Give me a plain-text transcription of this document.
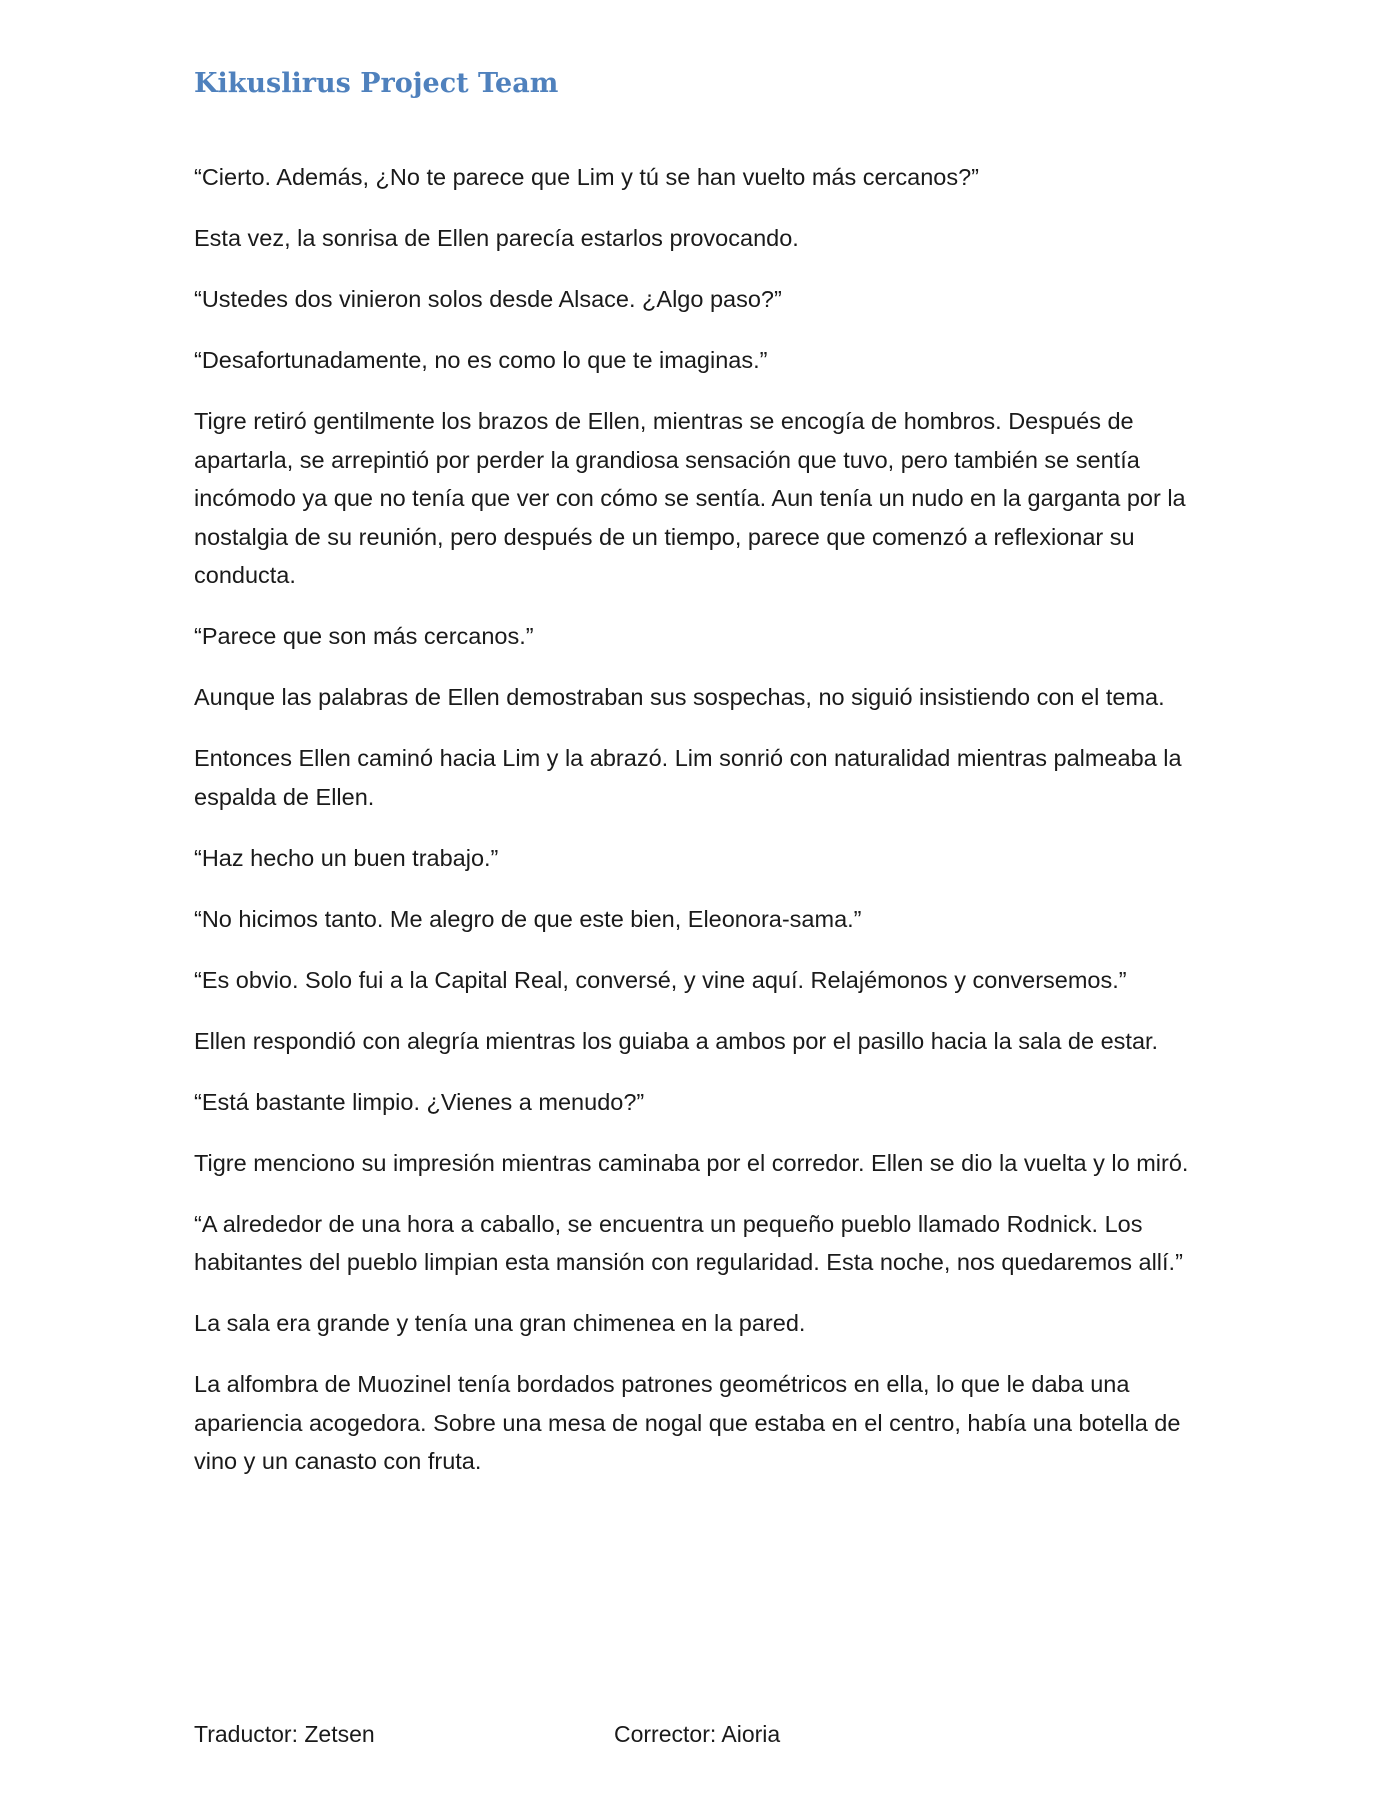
Kikuslirus Project Team

“Cierto. Además, ¿No te parece que Lim y tú se han vuelto más cercanos?”

Esta vez, la sonrisa de Ellen parecía estarlos provocando.

“Ustedes dos vinieron solos desde Alsace. ¿Algo paso?”

“Desafortunadamente, no es como lo que te imaginas.”

Tigre retiró gentilmente los brazos de Ellen, mientras se encogía de hombros. Después de apartarla, se arrepintió por perder la grandiosa sensación que tuvo, pero también se sentía incómodo ya que no tenía que ver con cómo se sentía. Aun tenía un nudo en la garganta por la nostalgia de su reunión, pero después de un tiempo, parece que comenzó a reflexionar su conducta.

“Parece que son más cercanos.”

Aunque las palabras de Ellen demostraban sus sospechas, no siguió insistiendo con el tema.

Entonces Ellen caminó hacia Lim y la abrazó. Lim sonrió con naturalidad mientras palmeaba la espalda de Ellen.

“Haz hecho un buen trabajo.”

“No hicimos tanto. Me alegro de que este bien, Eleonora-sama.”

“Es obvio. Solo fui a la Capital Real, conversé, y vine aquí. Relajémonos y conversemos.”

Ellen respondió con alegría mientras los guiaba a ambos por el pasillo hacia la sala de estar.

“Está bastante limpio. ¿Vienes a menudo?”

Tigre menciono su impresión mientras caminaba por el corredor. Ellen se dio la vuelta y lo miró.

“A alrededor de una hora a caballo, se encuentra un pequeño pueblo llamado Rodnick. Los habitantes del pueblo limpian esta mansión con regularidad. Esta noche, nos quedaremos allí.”

La sala era grande y tenía una gran chimenea en la pared.

La alfombra de Muozinel tenía bordados patrones geométricos en ella, lo que le daba una apariencia acogedora. Sobre una mesa de nogal que estaba en el centro, había una botella de vino y un canasto con fruta.

Traductor: Zetsen	Corrector: Aioria
